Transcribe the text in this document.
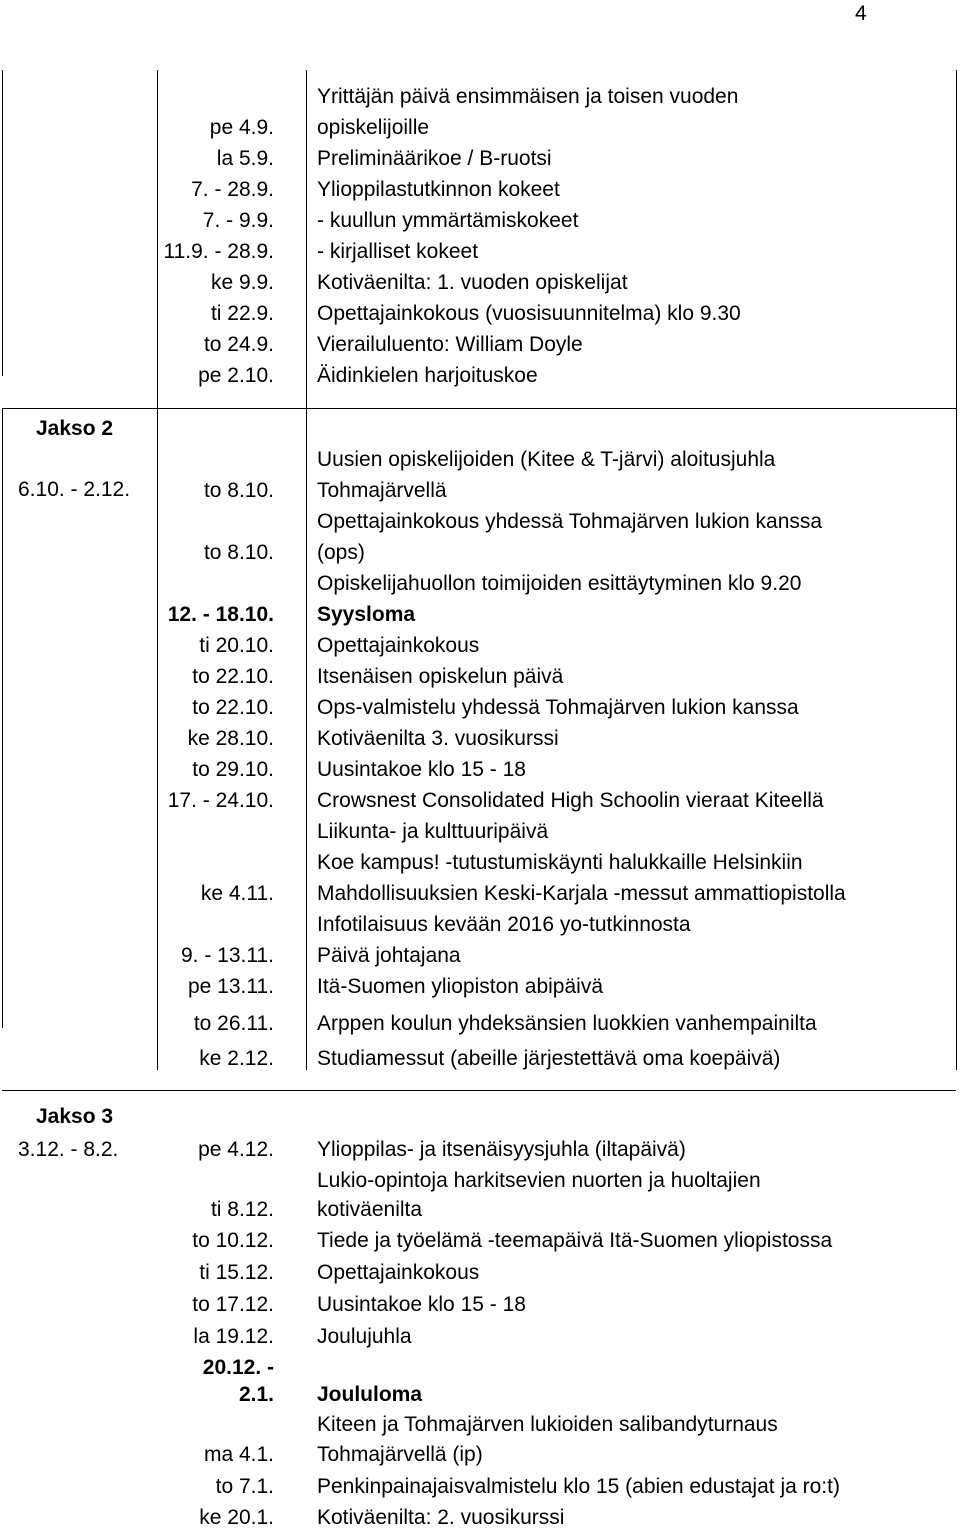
4
Yrittäjän päivä ensimmäisen ja toisen vuoden
opiskelijoille
pe 4.9.
Preliminäärikoe / B-ruotsi
la 5.9.
Ylioppilastutkinnon kokeet
7. - 28.9.
- kuullun ymmärtämiskokeet
7. - 9.9.
- kirjalliset kokeet
11.9. - 28.9.
Kotiväenilta: 1. vuoden opiskelijat
ke 9.9.
Opettajainkokous (vuosisuunnitelma) klo 9.30
ti 22.9.
Vierailuluento: William Doyle
to 24.9.
Äidinkielen harjoituskoe
pe 2.10.
Jakso 2
6.10. - 2.12.
Uusien opiskelijoiden (Kitee & T-järvi) aloitusjuhla
Tohmajärvellä
to 8.10.
Opettajainkokous yhdessä Tohmajärven lukion kanssa
(ops)
to 8.10.
Opiskelijahuollon toimijoiden esittäytyminen klo 9.20
Syysloma
12. - 18.10.
Opettajainkokous
ti 20.10.
Itsenäisen opiskelun päivä
to 22.10.
Ops-valmistelu yhdessä Tohmajärven lukion kanssa
to 22.10.
Kotiväenilta 3. vuosikurssi
ke 28.10.
Uusintakoe klo 15 - 18
to 29.10.
Crowsnest Consolidated High Schoolin vieraat Kiteellä
17. - 24.10.
Liikunta- ja kulttuuripäivä
Koe kampus! -tutustumiskäynti halukkaille Helsinkiin
Mahdollisuuksien Keski-Karjala -messut ammattiopistolla
ke 4.11.
Infotilaisuus kevään 2016 yo-tutkinnosta
Päivä johtajana
9. - 13.11.
Itä-Suomen yliopiston abipäivä
pe 13.11.
Arppen koulun yhdeksänsien luokkien vanhempainilta
to 26.11.
Studiamessut (abeille järjestettävä oma koepäivä)
ke 2.12.
Jakso 3
3.12. - 8.2.	Ylioppilas- ja itsenäisyysjuhla (iltapäivä)
pe 4.12.
Lukio-opintoja harkitsevien nuorten ja huoltajien
kotiväenilta
ti 8.12.
Tiede ja työelämä -teemapäivä Itä-Suomen yliopistossa
to 10.12.
Opettajainkokous
ti 15.12.
Uusintakoe klo 15 - 18
to 17.12.
Joulujuhla
la 19.12.
20.12. -
Joululoma
2.1.
Kiteen ja Tohmajärven lukioiden salibandyturnaus
Tohmajärvellä (ip)
ma 4.1.
Penkinpainajaisvalmistelu klo 15 (abien edustajat ja ro:t)
to 7.1.
Kotiväenilta: 2. vuosikurssi
ke 20.1.
